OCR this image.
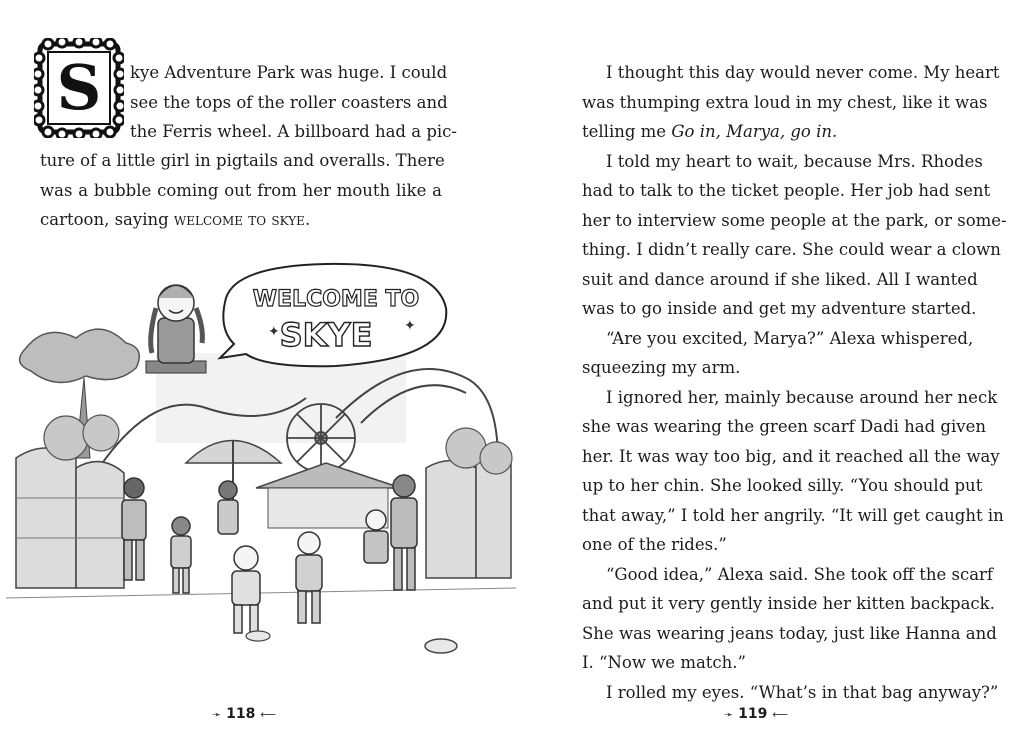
S	kye Adventure Park was huge. I could
see the tops of the roller coasters and
the Ferris wheel. A billboard had a pic-
ture of a little girl in pigtails and overalls. There
was a bubble coming out from her mouth like a
cartoon, saying welcome to skye.
WELCOME TO
SKYE
✦	✦
➛ 118 ⟵
I thought this day would never come. My heart
was thumping extra loud in my chest, like it was
telling me Go in, Marya, go in.
I told my heart to wait, because Mrs. Rhodes
had to talk to the ticket people. Her job had sent
her to interview some people at the park, or some-
thing. I didn’t really care. She could wear a clown
suit and dance around if she liked. All I wanted
was to go inside and get my adventure started.
“Are you excited, Marya?” Alexa whispered,
squeezing my arm.
I ignored her, mainly because around her neck
she was wearing the green scarf Dadi had given
her. It was way too big, and it reached all the way
up to her chin. She looked silly. “You should put
that away,” I told her angrily. “It will get caught in
one of the rides.”
“Good idea,” Alexa said. She took off the scarf
and put it very gently inside her kitten backpack.
She was wearing jeans today, just like Hanna and
I. “Now we match.”
I rolled my eyes. “What’s in that bag anyway?”
➛ 119 ⟵
